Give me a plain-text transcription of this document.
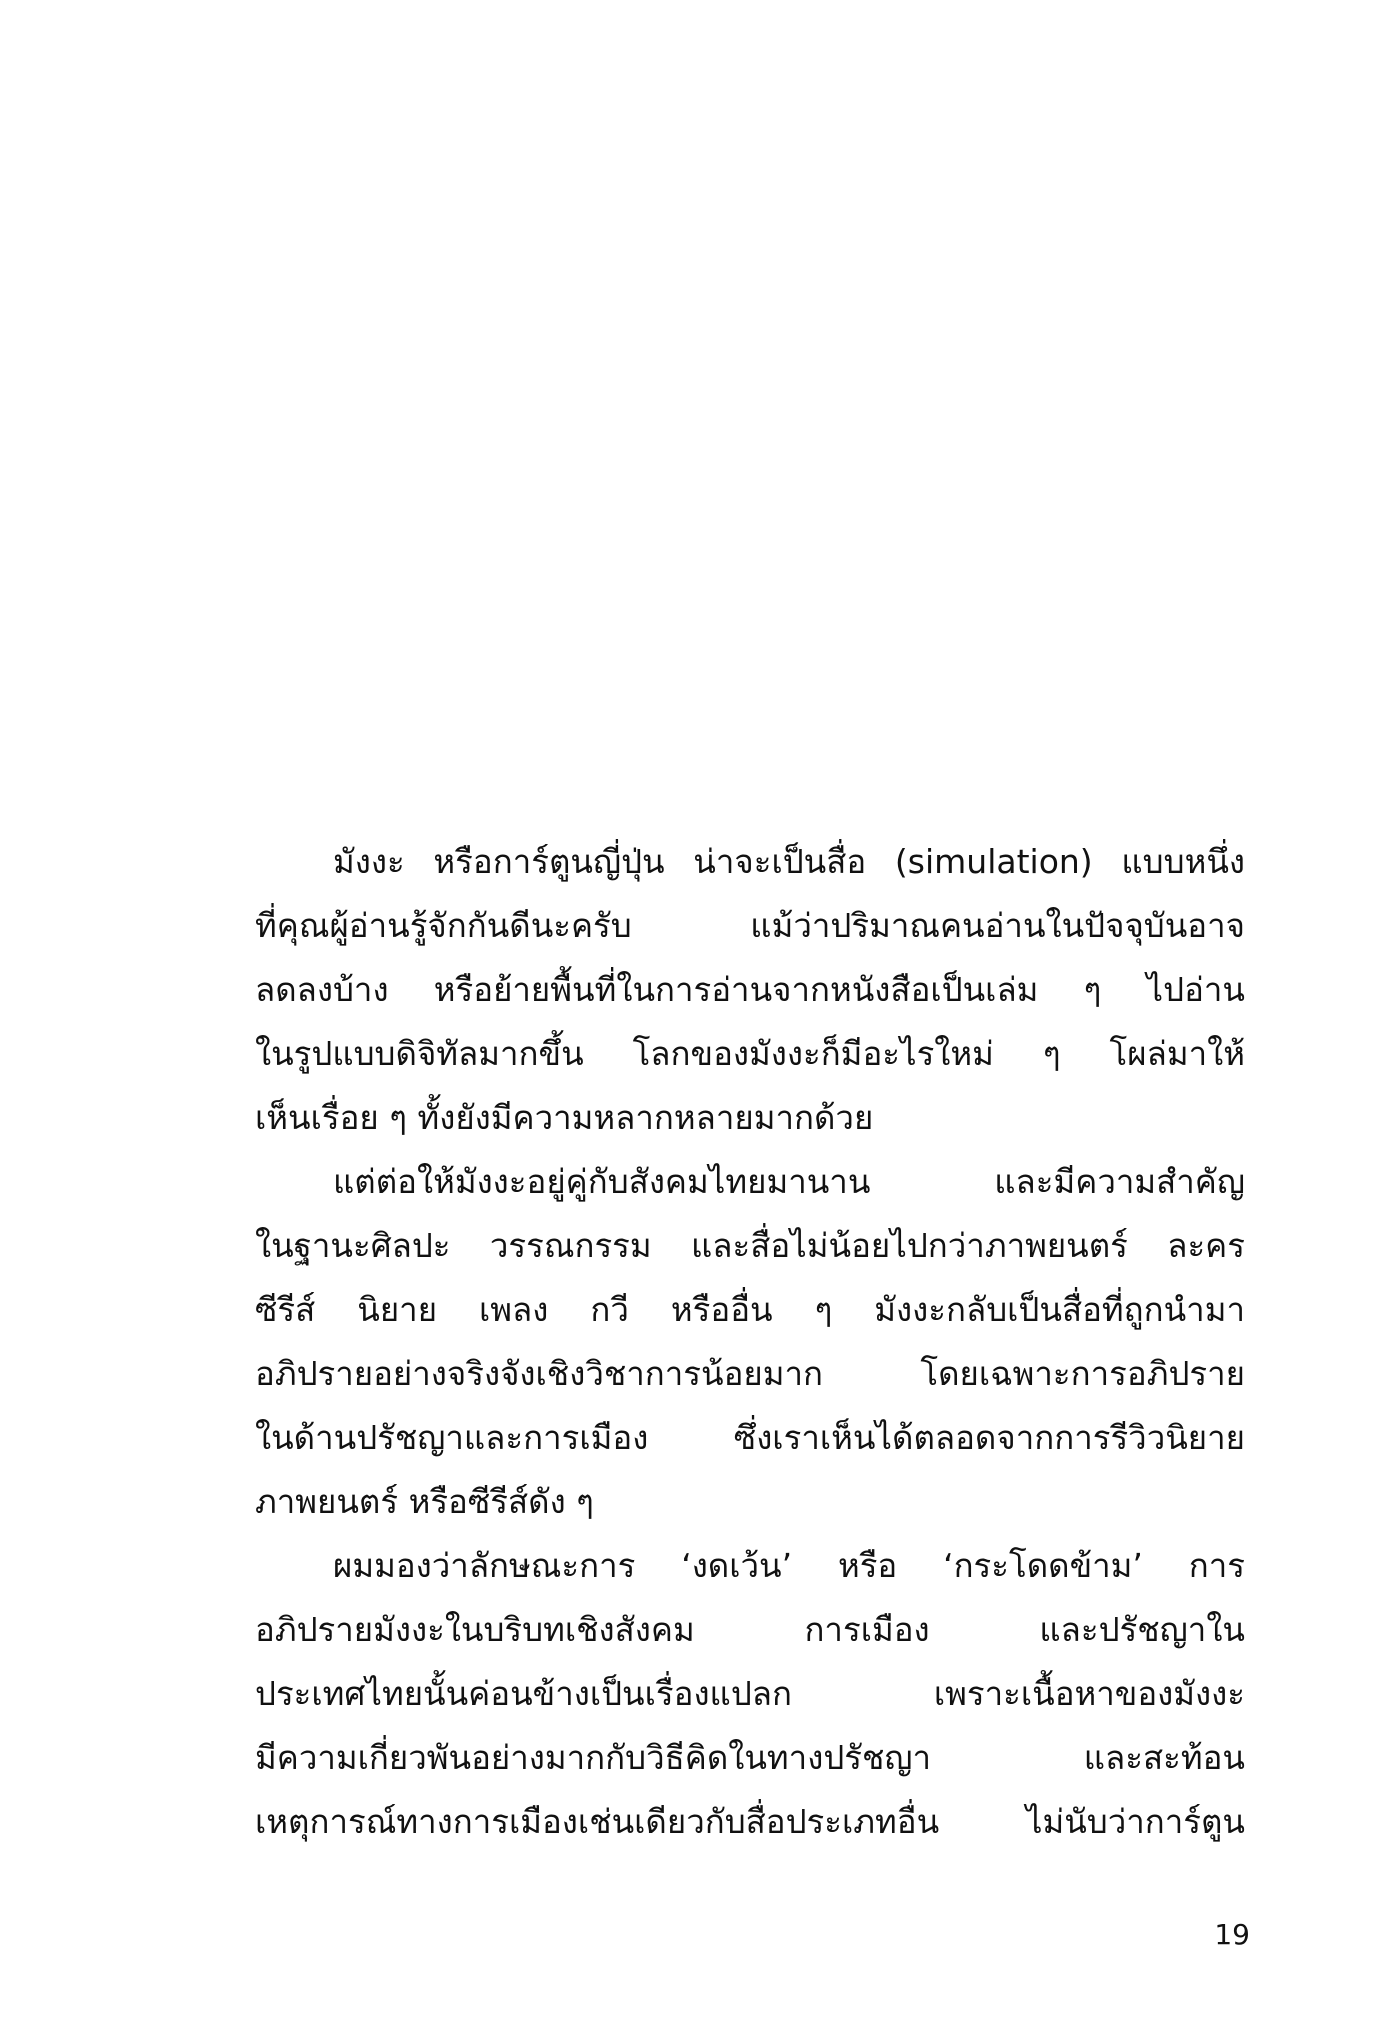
มังงะ หรือการ์ตูนญี่ปุ่น น่าจะเป็นสื่อ (simulation) แบบหนึ่ง
ที่คุณผู้อ่านรู้จักกันดีนะครับ แม้ว่าปริมาณคนอ่านในปัจจุบันอาจ
ลดลงบ้าง หรือย้ายพื้นที่ในการอ่านจากหนังสือเป็นเล่ม ๆ ไปอ่าน
ในรูปแบบดิจิทัลมากขึ้น โลกของมังงะก็มีอะไรใหม่ ๆ โผล่มาให้
เห็นเรื่อย ๆ ทั้งยังมีความหลากหลายมากด้วย
แต่ต่อให้มังงะอยู่คู่กับสังคมไทยมานาน และมีความสำคัญ
ในฐานะศิลปะ วรรณกรรม และสื่อไม่น้อยไปกว่าภาพยนตร์ ละคร
ซีรีส์ นิยาย เพลง กวี หรืออื่น ๆ มังงะกลับเป็นสื่อที่ถูกนำมา
อภิปรายอย่างจริงจังเชิงวิชาการน้อยมาก โดยเฉพาะการอภิปราย
ในด้านปรัชญาและการเมือง ซึ่งเราเห็นได้ตลอดจากการรีวิวนิยาย
ภาพยนตร์ หรือซีรีส์ดัง ๆ
ผมมองว่าลักษณะการ ‘งดเว้น’ หรือ ‘กระโดดข้าม’ การ
อภิปรายมังงะในบริบทเชิงสังคม การเมือง และปรัชญาใน
ประเทศไทยนั้นค่อนข้างเป็นเรื่องแปลก เพราะเนื้อหาของมังงะ
มีความเกี่ยวพันอย่างมากกับวิธีคิดในทางปรัชญา และสะท้อน
เหตุการณ์ทางการเมืองเช่นเดียวกับสื่อประเภทอื่น ไม่นับว่าการ์ตูน
19
